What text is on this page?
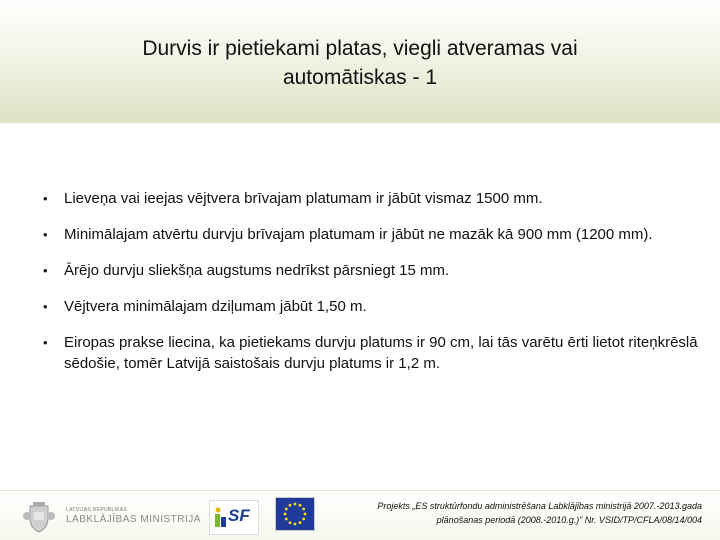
Durvis ir pietiekami platas, viegli atveramas vai
automātiskas - 1
• Lieveņa vai ieejas vējtvera brīvajam platumam ir jābūt vismaz 1500 mm.
• Minimālajam atvērtu durvju brīvajam platumam ir jābūt ne mazāk kā 900 mm (1200 mm).
• Ārējo durvju sliekšņa augstums nedrīkst pārsniegt 15 mm.
• Vējtvera minimālajam dziļumam jābūt 1,50 m.
• Eiropas prakse liecina, ka pietiekams durvju platums ir 90 cm, lai tās varētu ērti lietot riteņkrēslā sēdošie, tomēr Latvijā saistošais durvju platums ir 1,2 m.
LATVIJAS REPUBLIKAS
LABKLĀJĪBAS MINISTRIJA SF	Projekts „ES struktūrfondu administrēšana Labklājības ministrijā 2007.-2013.gada
plānošanas periodā (2008.-2010.g.)” Nr. VSID/TP/CFLA/08/14/004
